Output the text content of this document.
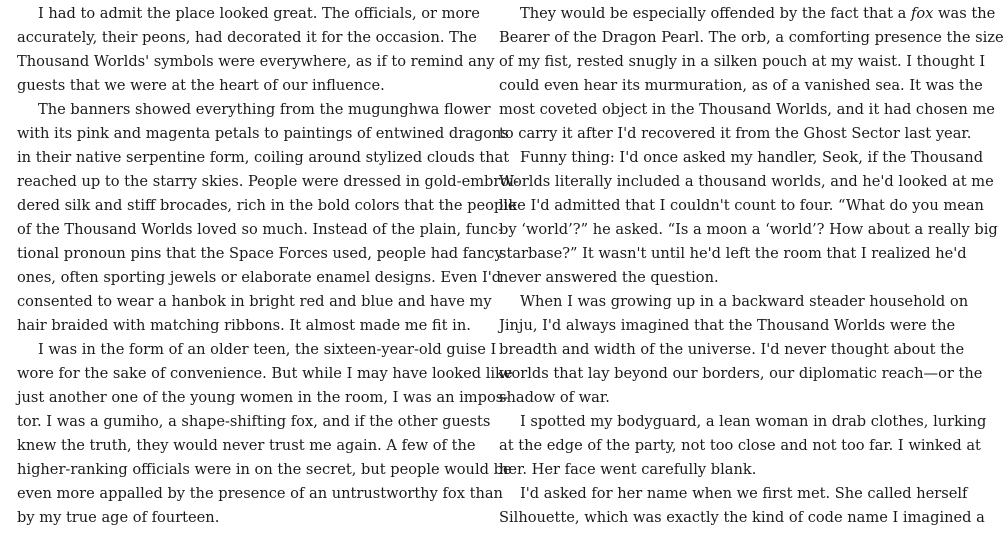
I had to admit the place looked great. The officials, or more
accurately, their peons, had decorated it for the occasion. The
Thousand Worlds' symbols were everywhere, as if to remind any
guests that we were at the heart of our influence.
The banners showed everything from the mugunghwa flower
with its pink and magenta petals to paintings of entwined dragons
in their native serpentine form, coiling around stylized clouds that
reached up to the starry skies. People were dressed in gold-embroi-
dered silk and stiff brocades, rich in the bold colors that the people
of the Thousand Worlds loved so much. Instead of the plain, func-
tional pronoun pins that the Space Forces used, people had fancy
ones, often sporting jewels or elaborate enamel designs. Even I'd
consented to wear a hanbok in bright red and blue and have my
hair braided with matching ribbons. It almost made me fit in.
I was in the form of an older teen, the sixteen-year-old guise I
wore for the sake of convenience. But while I may have looked like
just another one of the young women in the room, I was an impos-
tor. I was a gumiho, a shape-shifting fox, and if the other guests
knew the truth, they would never trust me again. A few of the
higher-ranking officials were in on the secret, but people would be
even more appalled by the presence of an untrustworthy fox than
by my true age of fourteen.
They would be especially offended by the fact that a fox was the
Bearer of the Dragon Pearl. The orb, a comforting presence the size
of my fist, rested snugly in a silken pouch at my waist. I thought I
could even hear its murmuration, as of a vanished sea. It was the
most coveted object in the Thousand Worlds, and it had chosen me
to carry it after I'd recovered it from the Ghost Sector last year.
Funny thing: I'd once asked my handler, Seok, if the Thousand
Worlds literally included a thousand worlds, and he'd looked at me
like I'd admitted that I couldn't count to four. “What do you mean
by ‘world’?” he asked. “Is a moon a ‘world’? How about a really big
starbase?” It wasn't until he'd left the room that I realized he'd
never answered the question.
When I was growing up in a backward steader household on
Jinju, I'd always imagined that the Thousand Worlds were the
breadth and width of the universe. I'd never thought about the
worlds that lay beyond our borders, our diplomatic reach—or the
shadow of war.
I spotted my bodyguard, a lean woman in drab clothes, lurking
at the edge of the party, not too close and not too far. I winked at
her. Her face went carefully blank.
I'd asked for her name when we first met. She called herself
Silhouette, which was exactly the kind of code name I imagined a
